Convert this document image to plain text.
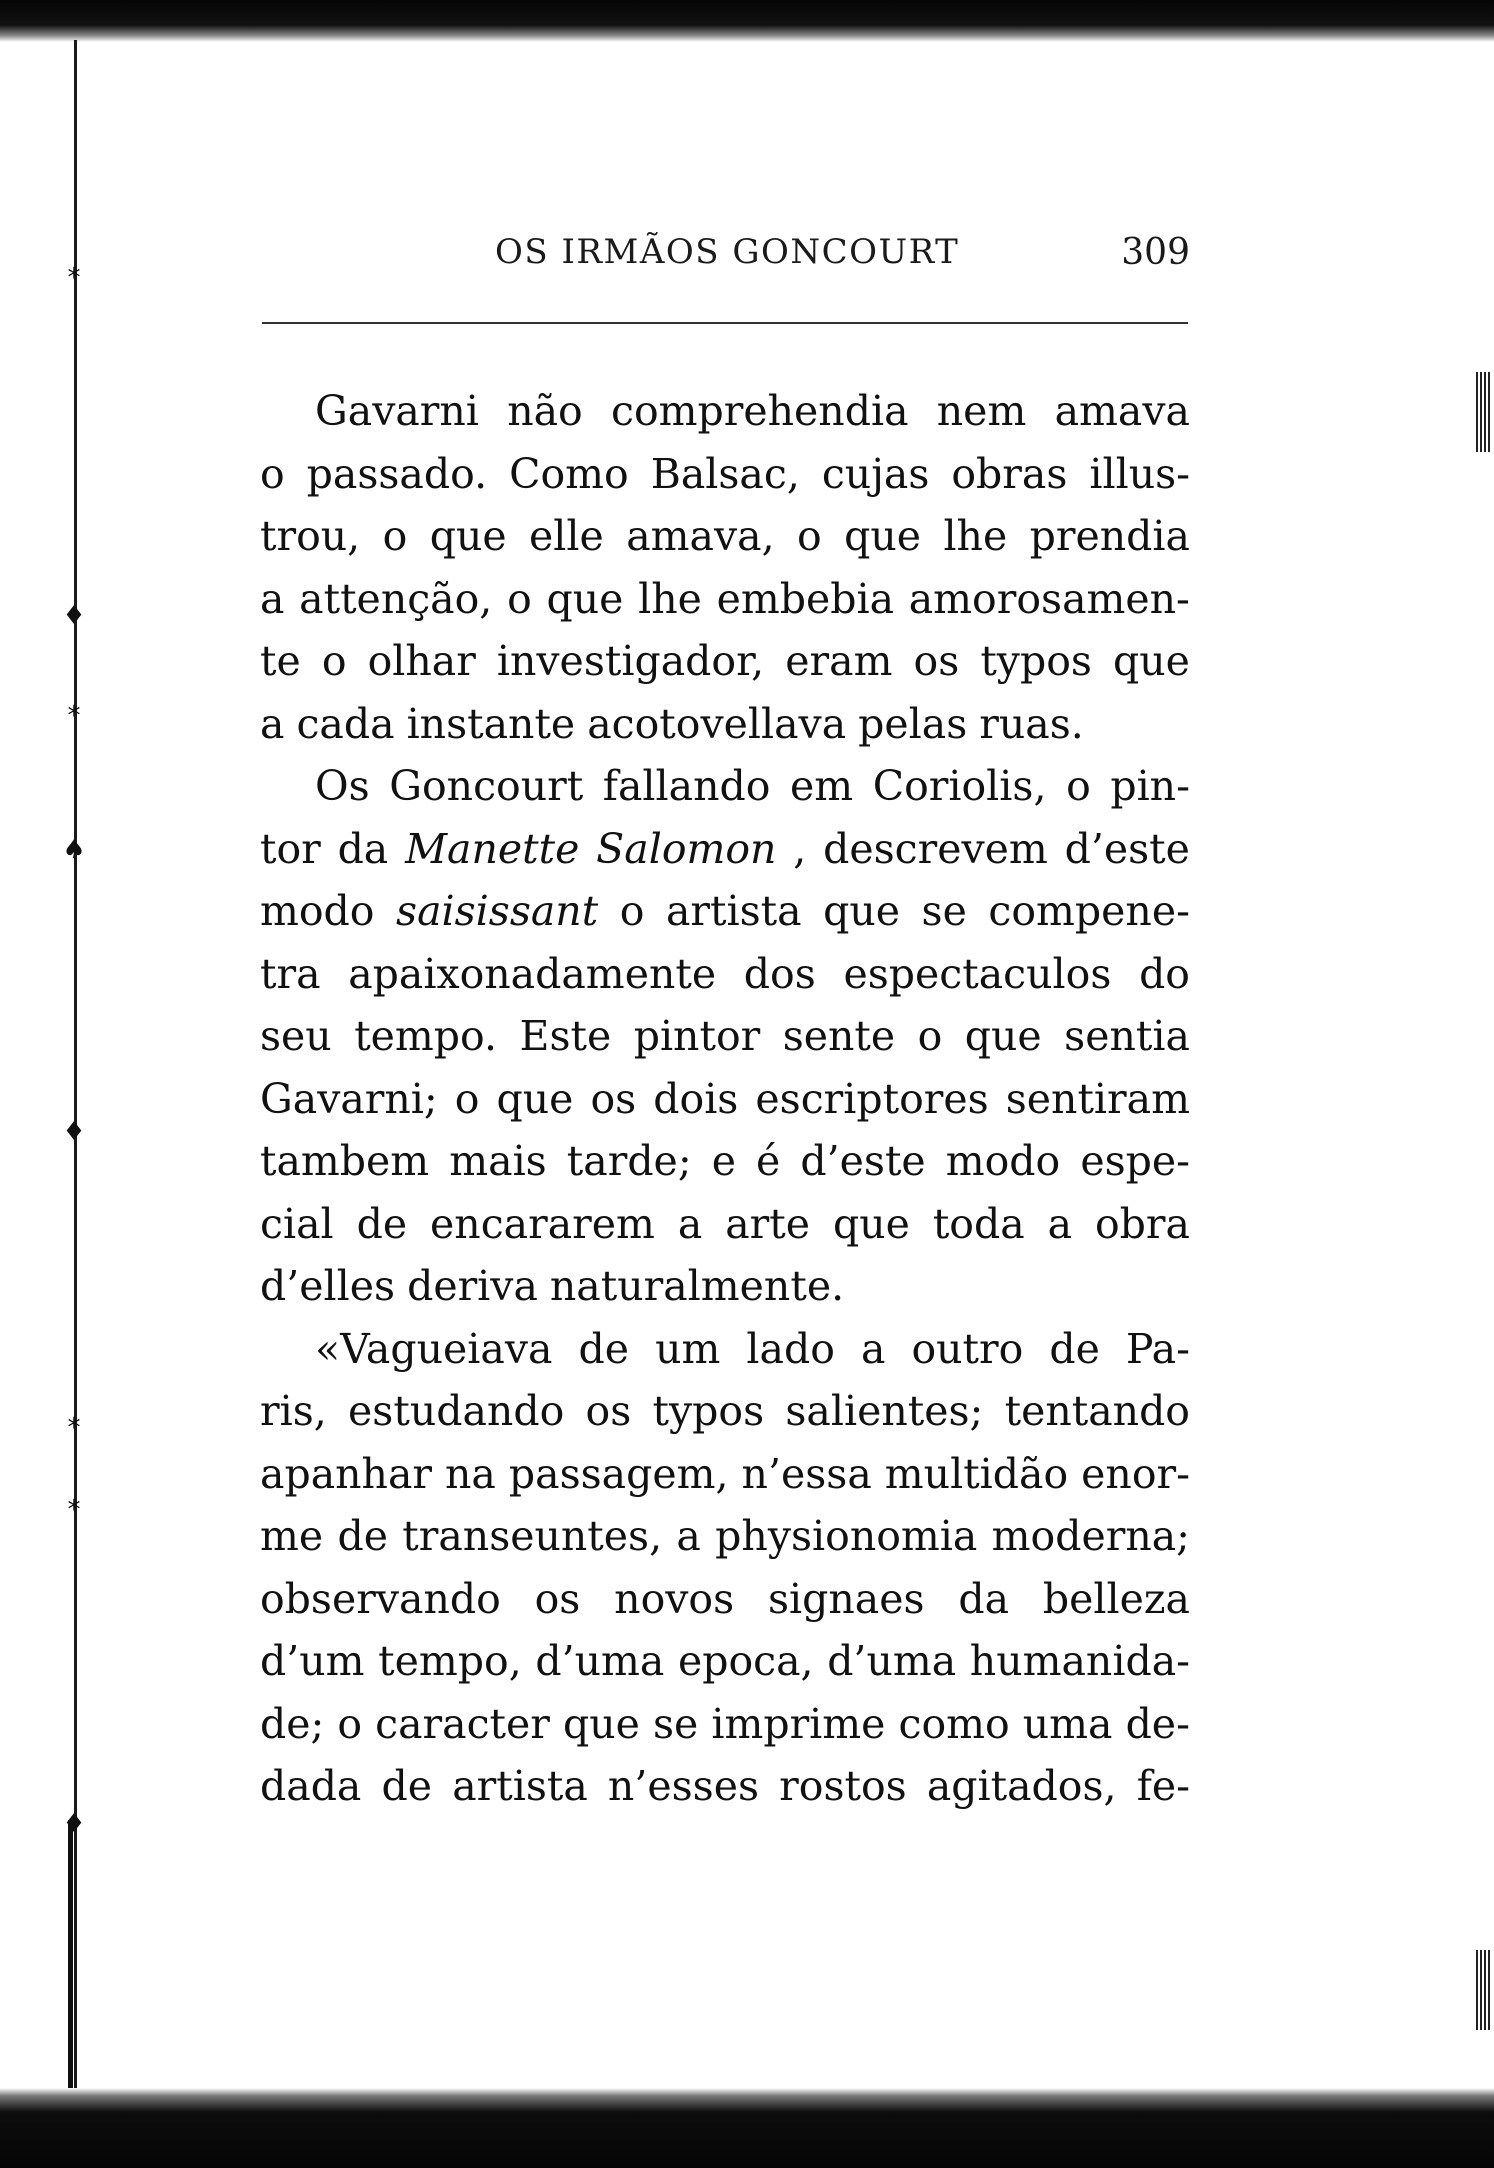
⁎
♦
⁎
♠
♦
⁎
⁎
♦
OS IRMÃOS GONCOURT	309
Gavarni não comprehendia nem amava
o passado. Como Balsac, cujas obras illus-
trou, o que elle amava, o que lhe prendia
a attenção, o que lhe embebia amorosamen-
te o olhar investigador, eram os typos que
a cada instante acotovellava pelas ruas.
Os Goncourt fallando em Coriolis, o pin-
tor da Manette Salomon , descrevem d’este
modo saisissant o artista que se compene-
tra apaixonadamente dos espectaculos do
seu tempo. Este pintor sente o que sentia
Gavarni; o que os dois escriptores sentiram
tambem mais tarde; e é d’este modo espe-
cial de encararem a arte que toda a obra
d’elles deriva naturalmente.
«Vagueiava de um lado a outro de Pa-
ris, estudando os typos salientes; tentando
apanhar na passagem, n’essa multidão enor-
me de transeuntes, a physionomia moderna;
observando os novos signaes da belleza
d’um tempo, d’uma epoca, d’uma humanida-
de; o caracter que se imprime como uma de-
dada de artista n’esses rostos agitados, fe-
